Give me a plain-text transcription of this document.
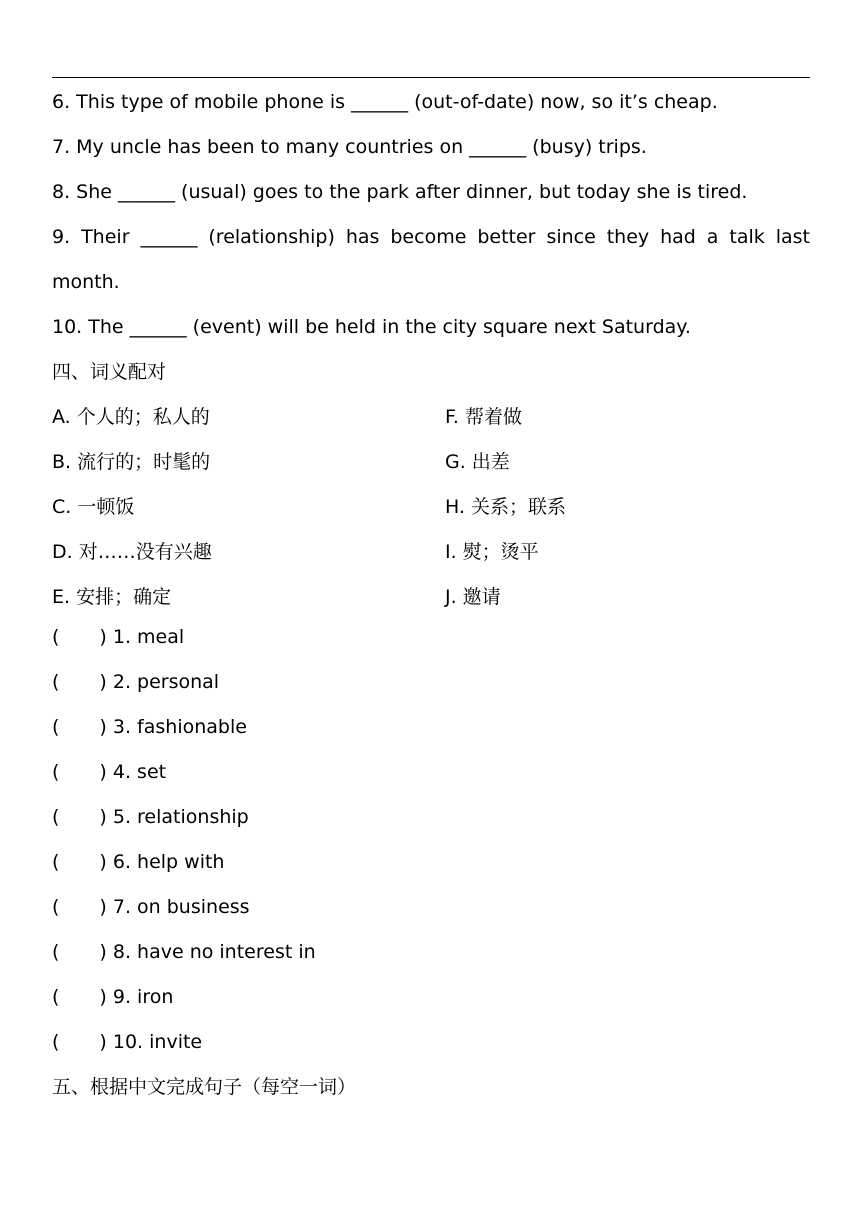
6. This type of mobile phone is ______ (out-of-date) now, so it’s cheap.
7. My uncle has been to many countries on ______ (busy) trips.
8. She ______ (usual) goes to the park after dinner, but today she is tired.
9. Their ______ (relationship) has become better since they had a talk last
month.
10. The ______ (event) will be held in the city square next Saturday.
四、词义配对
A. 个人的；私人的	F. 帮着做
B. 流行的；时髦的	G. 出差
C. 一顿饭	H. 关系；联系
D. 对……没有兴趣	I. 熨；烫平
E. 安排；确定	J. 邀请
( ) 1. meal
( ) 2. personal
( ) 3. fashionable
( ) 4. set
( ) 5. relationship
( ) 6. help with
( ) 7. on business
( ) 8. have no interest in
( ) 9. iron
( ) 10. invite
五、根据中文完成句子（每空一词）
